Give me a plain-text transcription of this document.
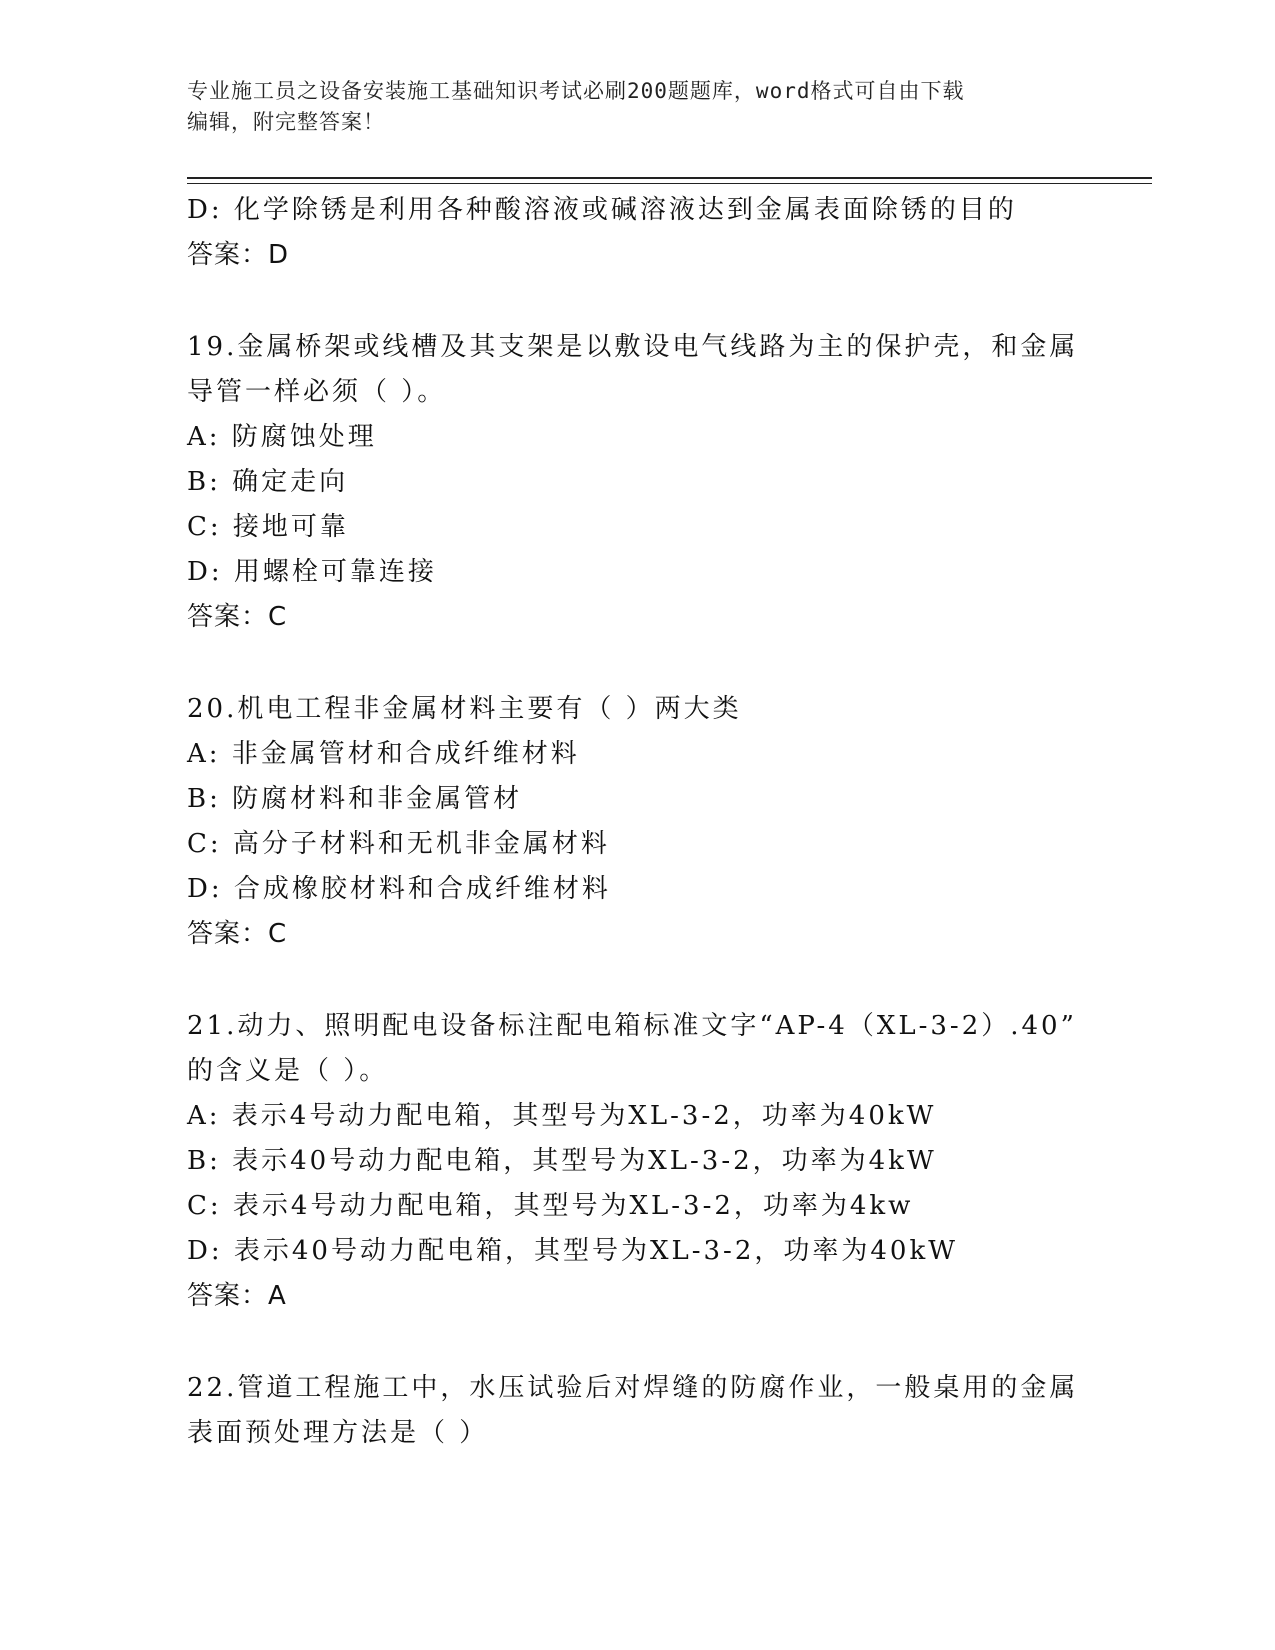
专业施工员之设备安装施工基础知识考试必刷200题题库，word格式可自由下载
编辑，附完整答案！
D: 化学除锈是利用各种酸溶液或碱溶液达到金属表面除锈的目的
答案：D
19.金属桥架或线槽及其支架是以敷设电气线路为主的保护壳，和金属
导管一样必须（ ）。
A: 防腐蚀处理
B: 确定走向
C: 接地可靠
D: 用螺栓可靠连接
答案：C
20.机电工程非金属材料主要有（ ）两大类
A: 非金属管材和合成纤维材料
B: 防腐材料和非金属管材
C: 高分子材料和无机非金属材料
D: 合成橡胶材料和合成纤维材料
答案：C
21.动力、照明配电设备标注配电箱标准文字“AP-4（XL-3-2）.40”
的含义是（ ）。
A: 表示4号动力配电箱，其型号为XL-3-2，功率为40kW
B: 表示40号动力配电箱，其型号为XL-3-2，功率为4kW
C: 表示4号动力配电箱，其型号为XL-3-2，功率为4kw
D: 表示40号动力配电箱，其型号为XL-3-2，功率为40kW
答案：A
22.管道工程施工中，水压试验后对焊缝的防腐作业，一般桌用的金属
表面预处理方法是（ ）
